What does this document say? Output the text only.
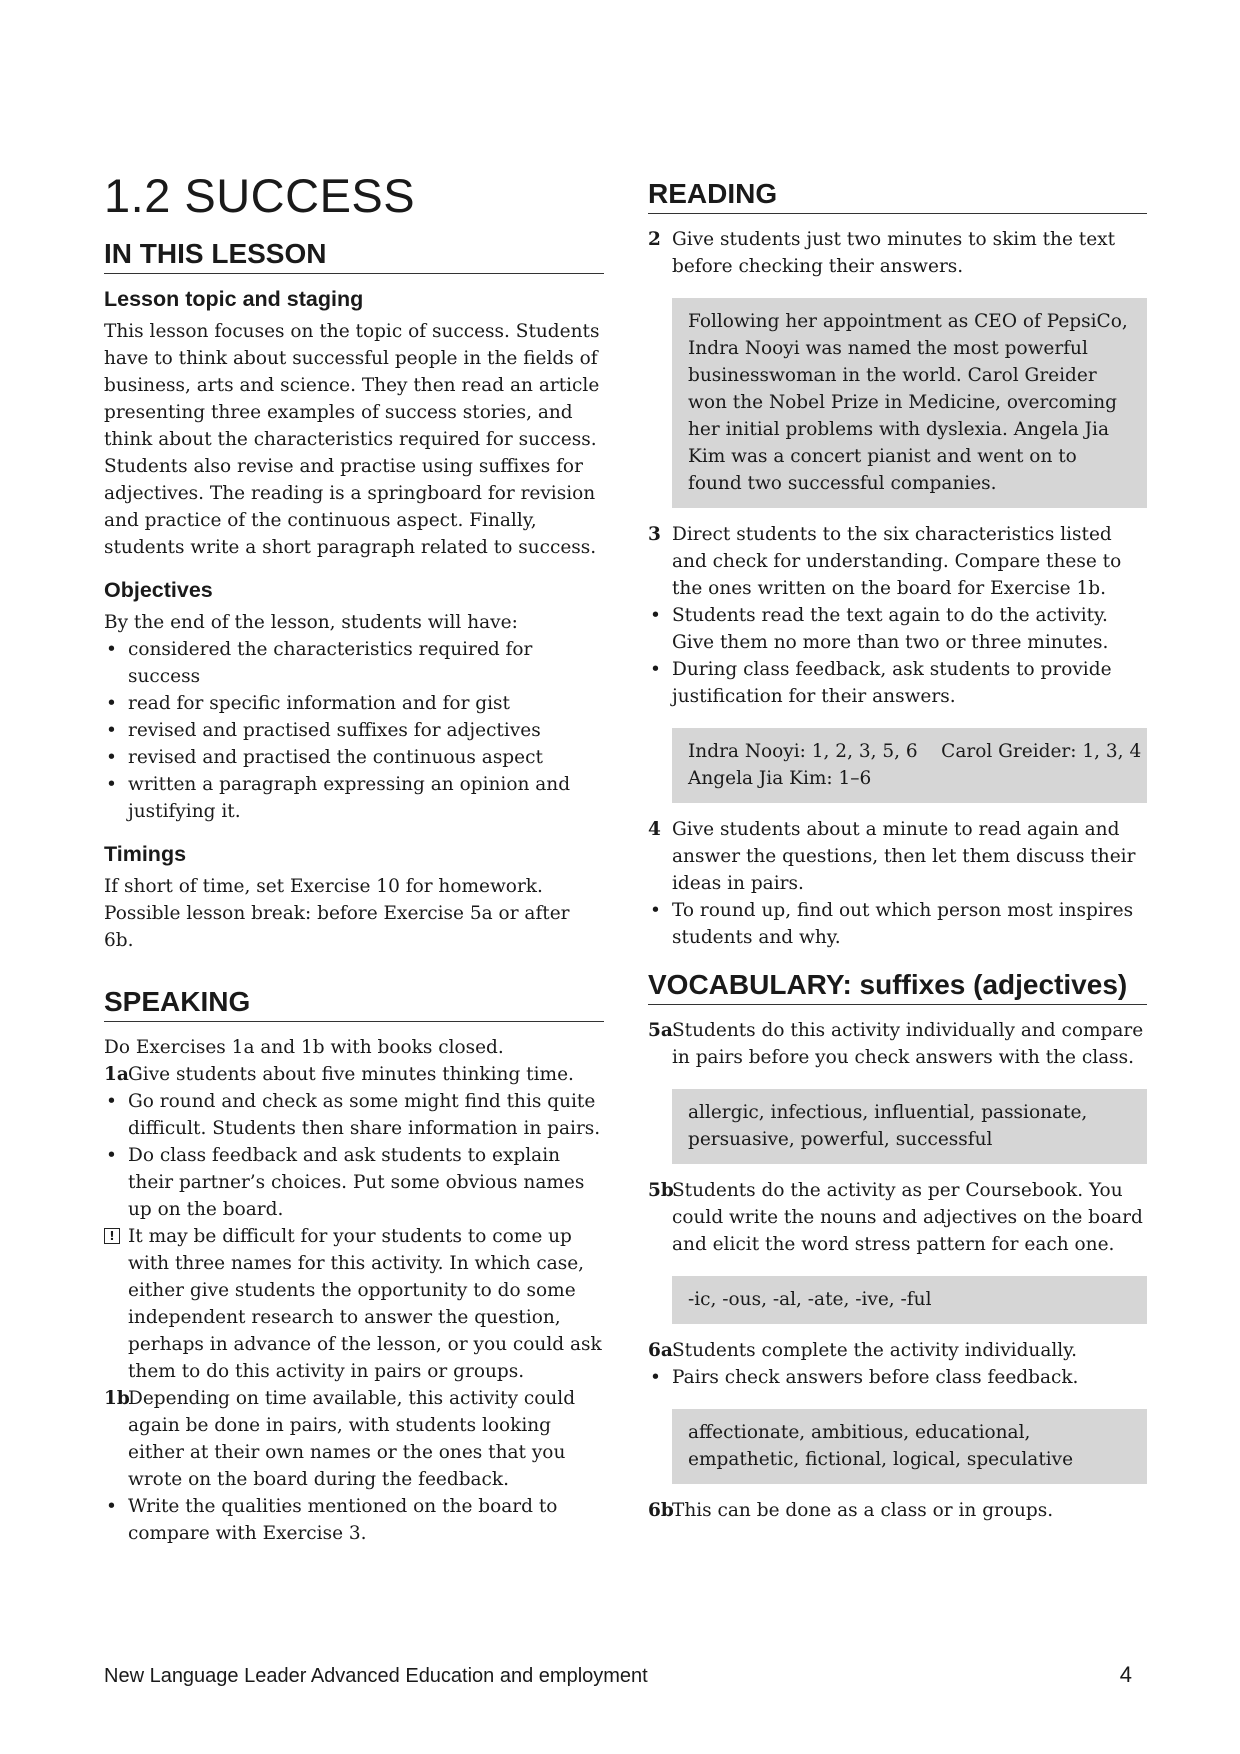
1.2 SUCCESS
IN THIS LESSON
Lesson topic and staging

This lesson focuses on the topic of success. Students have to think about successful people in the fields of business, arts and science. They then read an article presenting three examples of success stories, and think about the characteristics required for success. Students also revise and practise using suffixes for adjectives. The reading is a springboard for revision and practice of the continuous aspect. Finally, students write a short paragraph related to success.

Objectives

By the end of the lesson, students will have:

• considered the characteristics required for success
• read for specific information and for gist
• revised and practised suffixes for adjectives
• revised and practised the continuous aspect
• written a paragraph expressing an opinion and justifying it.
Timings

If short of time, set Exercise 10 for homework. Possible lesson break: before Exercise 5a or after 6b.

SPEAKING

Do Exercises 1a and 1b with books closed.

1a Give students about five minutes thinking time.
• Go round and check as some might find this quite difficult. Students then share information in pairs.
• Do class feedback and ask students to explain their partner’s choices. Put some obvious names up on the board.
! It may be difficult for your students to come up with three names for this activity. In which case, either give students the opportunity to do some independent research to answer the question, perhaps in advance of the lesson, or you could ask them to do this activity in pairs or groups.
1b
Depending on time available, this activity could again be done in pairs, with students looking either at their own names or the ones that you wrote on the board during the feedback.
• Write the qualities mentioned on the board to compare with Exercise 3.
READING
2 Give students just two minutes to skim the text before checking their answers.
Following her appointment as CEO of PepsiCo, Indra Nooyi was named the most powerful businesswoman in the world. Carol Greider won the Nobel Prize in Medicine, overcoming her initial problems with dyslexia. Angela Jia Kim was a concert pianist and went on to found two successful companies.
3 Direct students to the six characteristics listed and check for understanding. Compare these to the ones written on the board for Exercise 1b.
• Students read the text again to do the activity. Give them no more than two or three minutes.
• During class feedback, ask students to provide justification for their answers.
Indra Nooyi: 1, 2, 3, 5, 6    Carol Greider: 1, 3, 4
Angela Jia Kim: 1–6
4 Give students about a minute to read again and answer the questions, then let them discuss their ideas in pairs.
• To round up, find out which person most inspires students and why.
VOCABULARY: suffixes (adjectives)
5a Students do this activity individually and compare in pairs before you check answers with the class.
allergic, infectious, influential, passionate, persuasive, powerful, successful
5b
Students do the activity as per Coursebook. You could write the nouns and adjectives on the board and elicit the word stress pattern for each one.
-ic, -ous, -al, -ate, -ive, -ful
6a Students complete the activity individually.
• Pairs check answers before class feedback.
affectionate, ambitious, educational, empathetic, fictional, logical, speculative
6b
This can be done as a class or in groups.
New Language Leader Advanced Education and employment	4
